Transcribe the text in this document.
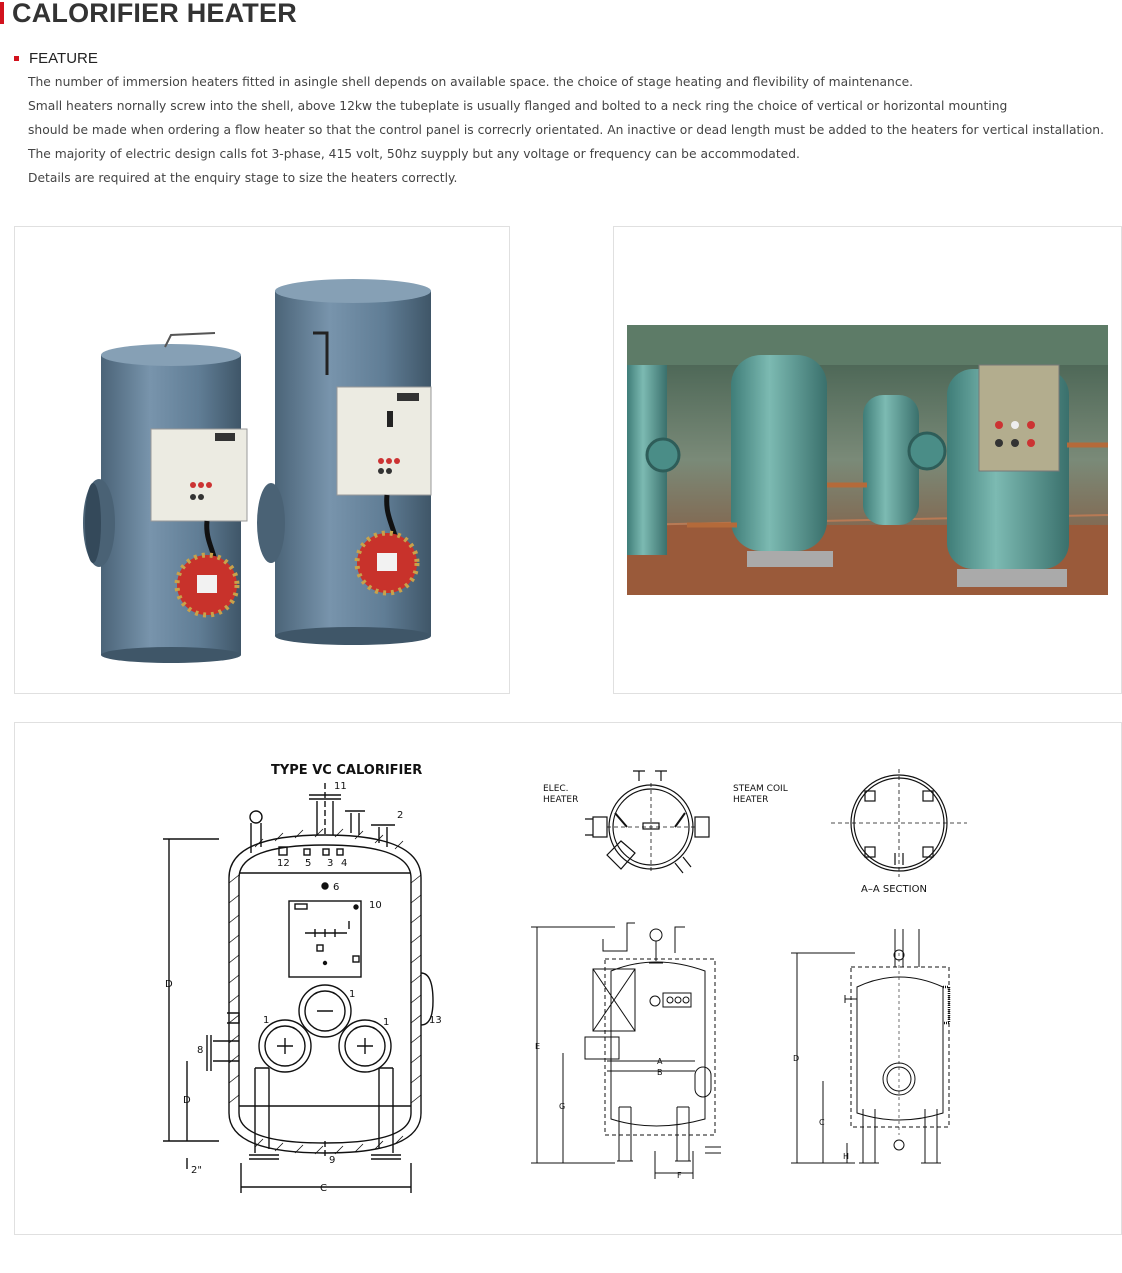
CALORIFIER HEATER
FEATURE

The number of immersion heaters fitted in asingle shell depends on available space. the choice of stage heating and flevibility of maintenance.

Small heaters nornally screw into the shell, above 12kw the tubeplate is usually flanged and bolted to a neck ring the choice of vertical or horizontal mounting

should be made when ordering a flow heater so that the control panel is correcrly orientated. An inactive or dead length must be added to the heaters for vertical installation.

The majority of electric design calls fot 3-phase, 415 volt, 50hz suypply but any voltage or frequency can be accommodated.

Details are required at the enquiry stage to size the heaters correctly.

TYPE VC CALORIFIER
11
2
12 5 3 4
6
10
1
1	1	13
8
9
D
D
2"
C
ELEC.
HEATER
STEAM COIL
HEATER
A–A SECTION
E
G
F
A
B
D
C
H
